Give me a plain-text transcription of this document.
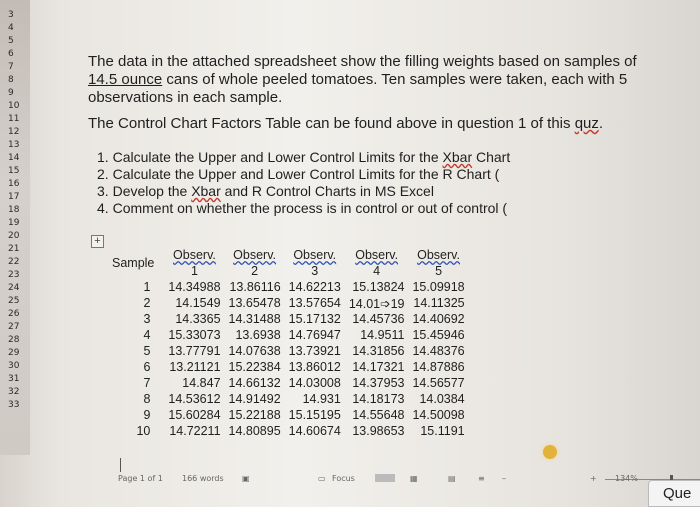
3
4
5
6
7
8
9
10
11
12
13
14
15
16
17
18
19
20
21
22
23
24
25
26
27
28
29
30
31
32
33
The data in the attached spreadsheet show the filling weights based on samples of
14.5 ounce cans of whole peeled tomatoes. Ten samples were taken, each with 5
observations in each sample.
The Control Chart Factors Table can be found above in question 1 of this quz.
1. Calculate the Upper and Lower Control Limits for the Xbar Chart
2. Calculate the Upper and Lower Control Limits for the R Chart (
3. Develop the Xbar and R Control Charts in MS Excel
4. Comment on whether the process is in control or out of control (
+
Sample	Observ.	Observ.	Observ.	Observ.	Observ.
	1	2	3	4	5
1	14.34988	13.86116	14.62213	15.13824	15.09918
2	14.1549	13.65478	13.57654	14.01➩19	14.11325
3	14.3365	14.31488	15.17132	14.45736	14.40692
4	15.33073	13.6938	14.76947	14.9511	15.45946
5	13.77791	14.07638	13.73921	14.31856	14.48376
6	13.21121	15.22384	13.86012	14.17321	14.87886
7	14.847	14.66132	14.03008	14.37953	14.56577
8	14.53612	14.91492	14.931	14.18173	14.0384
9	15.60284	15.22188	15.15195	14.55648	14.50098
10	14.72211	14.80895	14.60674	13.98653	15.1191
Page 1 of 1 166 words ▣	▭ Focus	▦	▤	≡ –	+ 134%
Que
